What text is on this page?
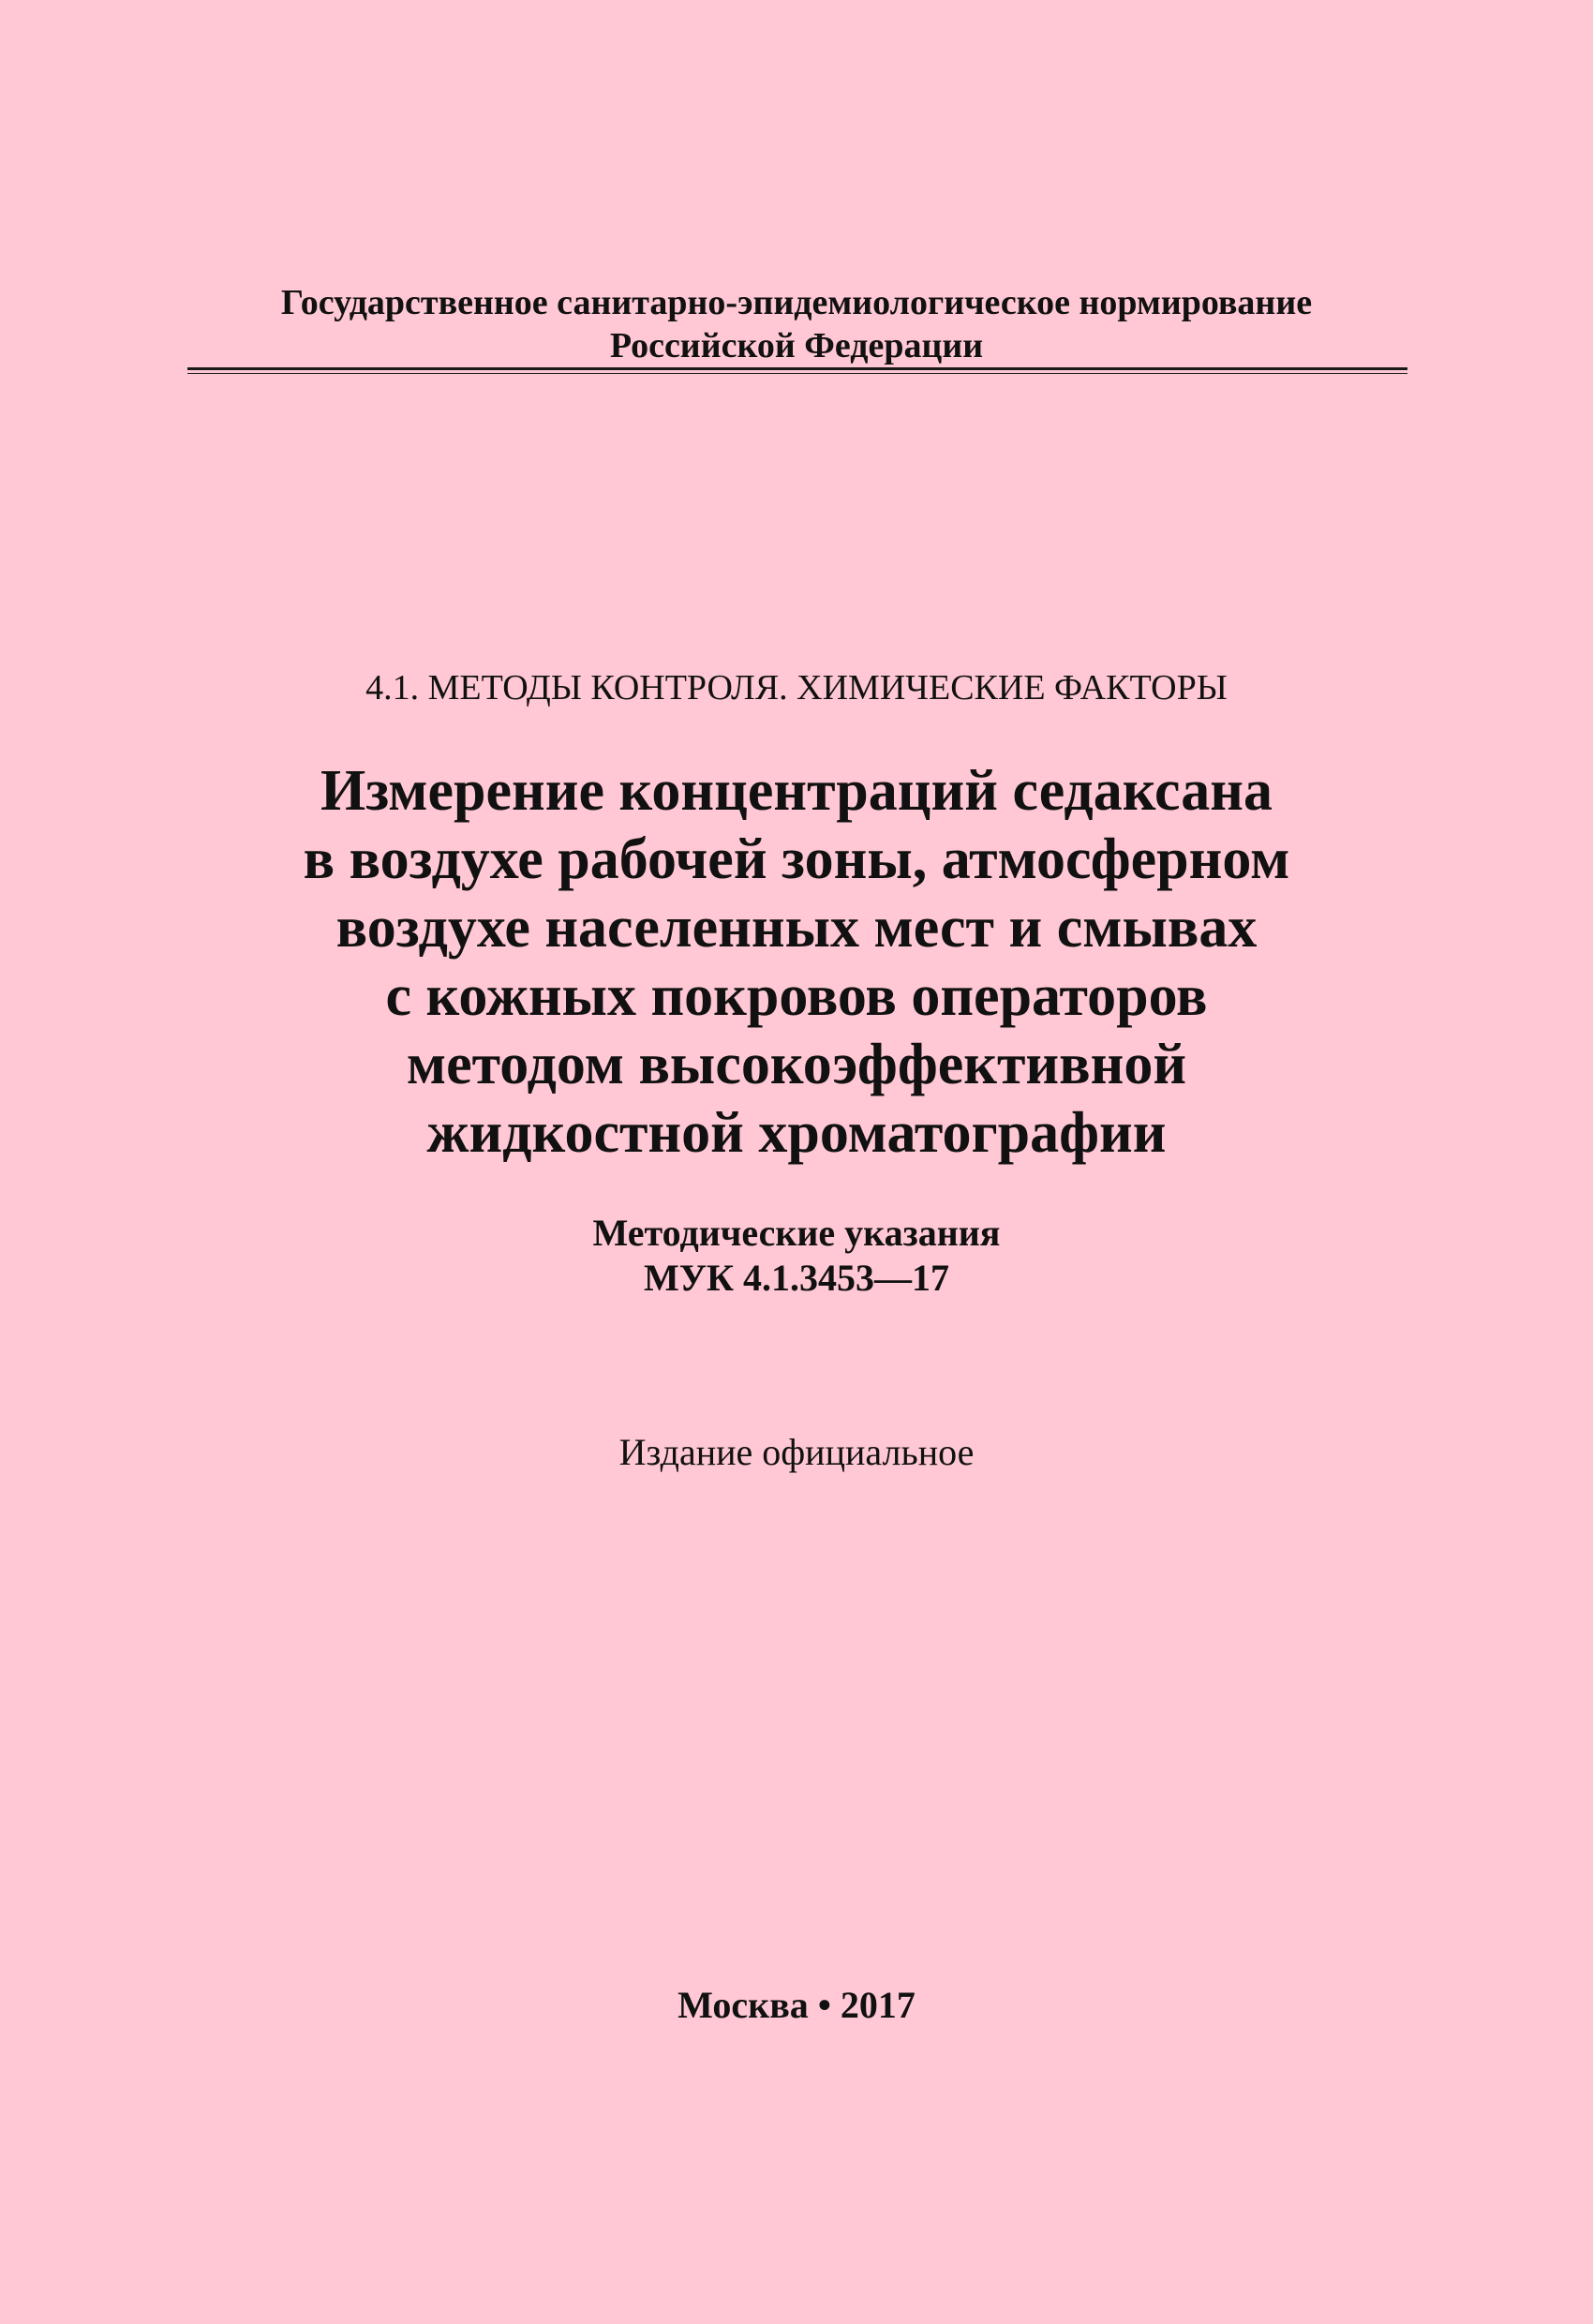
Государственное санитарно-эпидемиологическое нормирование
Российской Федерации
4.1. МЕТОДЫ КОНТРОЛЯ. ХИМИЧЕСКИЕ ФАКТОРЫ
Измерение концентраций седаксана
в воздухе рабочей зоны, атмосферном
воздухе населенных мест и смывах
с кожных покровов операторов
методом высокоэффективной
жидкостной хроматографии
Методические указания
МУК 4.1.3453—17
Издание официальное
Москва • 2017
